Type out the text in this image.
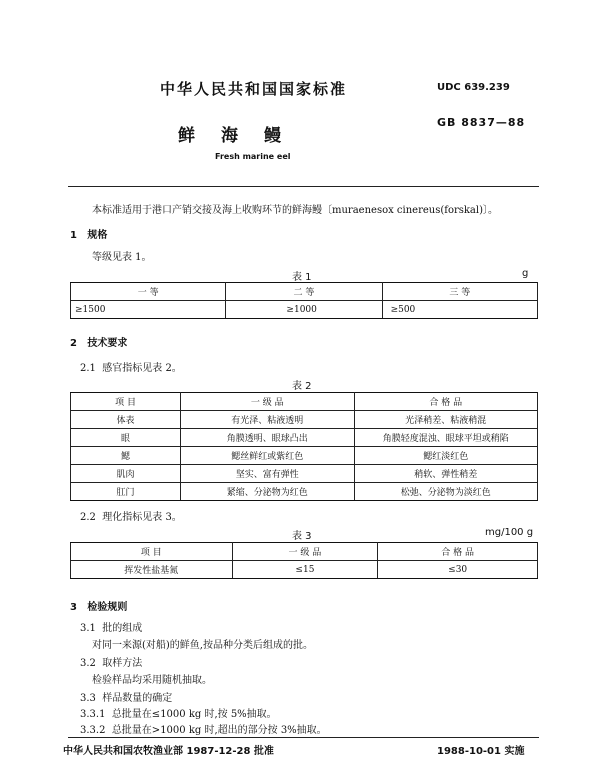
中华人民共和国国家标准	UDC 639.239
鲜海鳗
GB 8837—88
Fresh marine eel
本标准适用于港口产销交接及海上收购环节的鲜海鳗〔muraenesox cinereus(forskal)〕。
1 规格
等级见表 1。
表 1	g
一 等	二 等	三 等
≥1500	≥1000	≥500
2 技术要求
2.1 感官指标见表 2。
表 2
项 目	一 级 品	合 格 品
体表	有光泽、粘液透明	光泽稍差、粘液稍混
眼	角膜透明、眼球凸出	角膜轻度混浊、眼球平坦或稍陷
鳃	鳃丝鲜红或紫红色	鳃红淡红色
肌肉	坚实、富有弹性	稍软、弹性稍差
肛门	紧缩、分泌物为红色	松弛、分泌物为淡红色
2.2 理化指标见表 3。
表 3	mg/100 g
项 目	一 级 品	合 格 品
挥发性盐基氮	≤15	≤30
3 检验规则
3.1 批的组成
对同一来源(对船)的鲜鱼,按品种分类后组成的批。
3.2 取样方法
检验样品均采用随机抽取。
3.3 样品数量的确定
3.3.1 总批量在≤1000 kg 时,按 5%抽取。
3.3.2 总批量在>1000 kg 时,超出的部分按 3%抽取。
中华人民共和国农牧渔业部 1987-12-28 批准	1988-10-01 实施
